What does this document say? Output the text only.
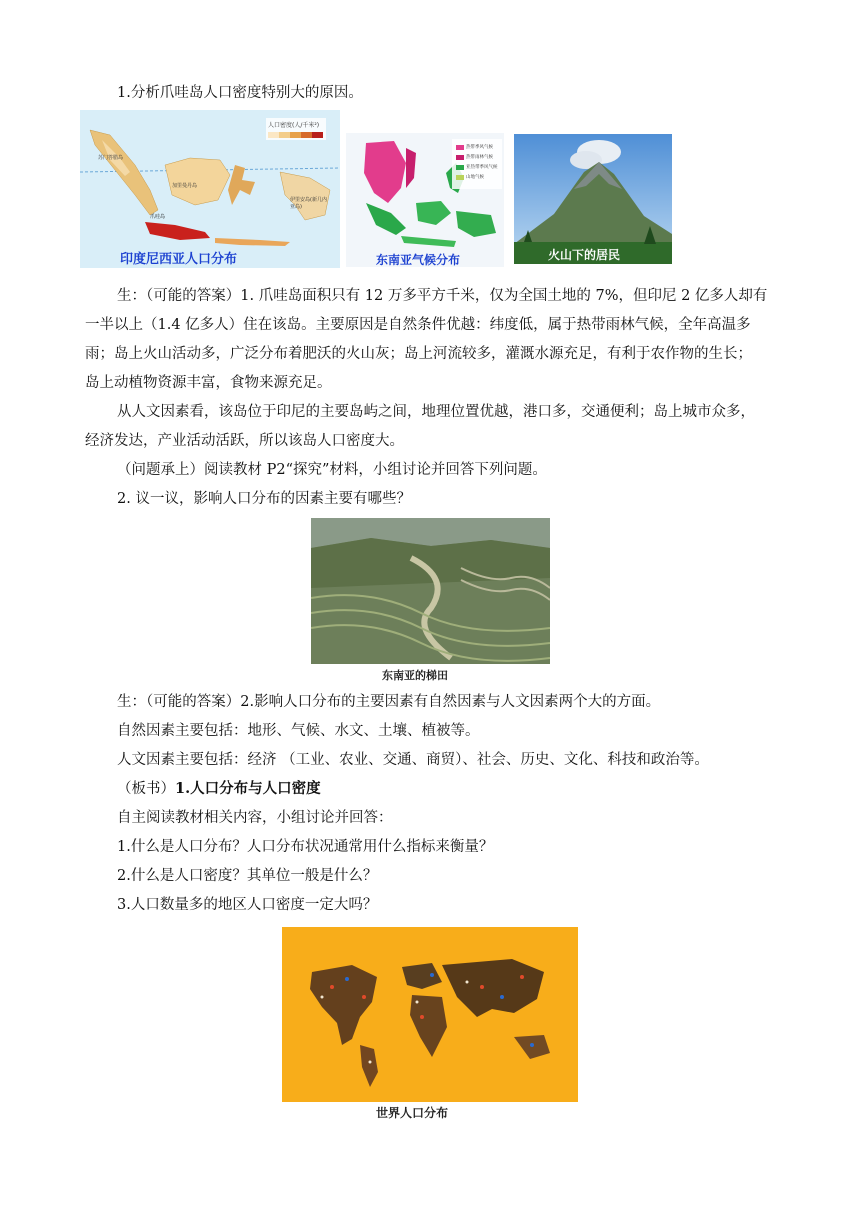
1.分析爪哇岛人口密度特别大的原因。
人口密度(人/千米²)
苏门答腊岛
加里曼丹岛
伊里安岛(新几内亚岛)
爪哇岛
印度尼西亚人口分布
热带季风气候
热带雨林气候
亚热带季风气候
山地气候
东南亚气候分布	火山下的居民
生：（可能的答案）1. 爪哇岛面积只有 12 万多平方千米，仅为全国土地的 7%，但印尼 2 亿多人却有
一半以上（1.4 亿多人）住在该岛。主要原因是自然条件优越：纬度低，属于热带雨林气候，全年高温多
雨；岛上火山活动多，广泛分布着肥沃的火山灰；岛上河流较多，灌溉水源充足，有利于农作物的生长；
岛上动植物资源丰富，食物来源充足。
从人文因素看，该岛位于印尼的主要岛屿之间，地理位置优越，港口多，交通便利；岛上城市众多，
经济发达，产业活动活跃，所以该岛人口密度大。
（问题承上）阅读教材 P2“探究”材料，小组讨论并回答下列问题。
2. 议一议，影响人口分布的因素主要有哪些？
东南亚的梯田
生：（可能的答案）2.影响人口分布的主要因素有自然因素与人文因素两个大的方面。
自然因素主要包括：地形、气候、水文、土壤、植被等。
人文因素主要包括：经济 （工业、农业、交通、商贸）、社会、历史、文化、科技和政治等。
（板书）1.人口分布与人口密度
自主阅读教材相关内容，小组讨论并回答：
1.什么是人口分布？人口分布状况通常用什么指标来衡量？
2.什么是人口密度？其单位一般是什么？
3.人口数量多的地区人口密度一定大吗？
世界人口分布
